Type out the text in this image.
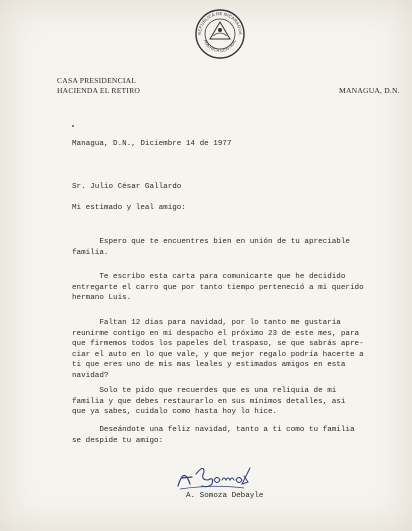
REPUBLICA DE NICARAGUA
AMERICA CENTRAL
CASA PRESIDENCIAL
HACIENDA EL RETIRO	MANAGUA, D.N.
Managua, D.N., Diciembre 14 de 1977
Sr. Julio César Gallardo
Mi estimado y leal amigo:
Espero que te encuentres bien en unión de tu apreciable
familia.
Te escribo esta carta para comunicarte que he decidido
entregarte el carro que por tanto tiempo perteneció a mi querido
hermano Luis.
Faltan 12 dias para navidad, por lo tanto me gustaría
reunirme contigo en mi despacho el próximo 23 de este mes, para
que firmemos todos los papeles del traspaso, se que sabrás apre-
ciar el auto en lo que vale, y que mejor regalo podría hacerte a
ti que eres uno de mis mas leales y estimados amigos en esta
navidad?
Solo te pido que recuerdes que es una reliquia de mi
familia y que debes restaurarlo en sus mínimos detalles, asi
que ya sabes, cuídalo como hasta hoy lo hice.
Deseándote una feliz navidad, tanto a ti como tu familia
se despide tu amigo:
A. Somoza Debayle
